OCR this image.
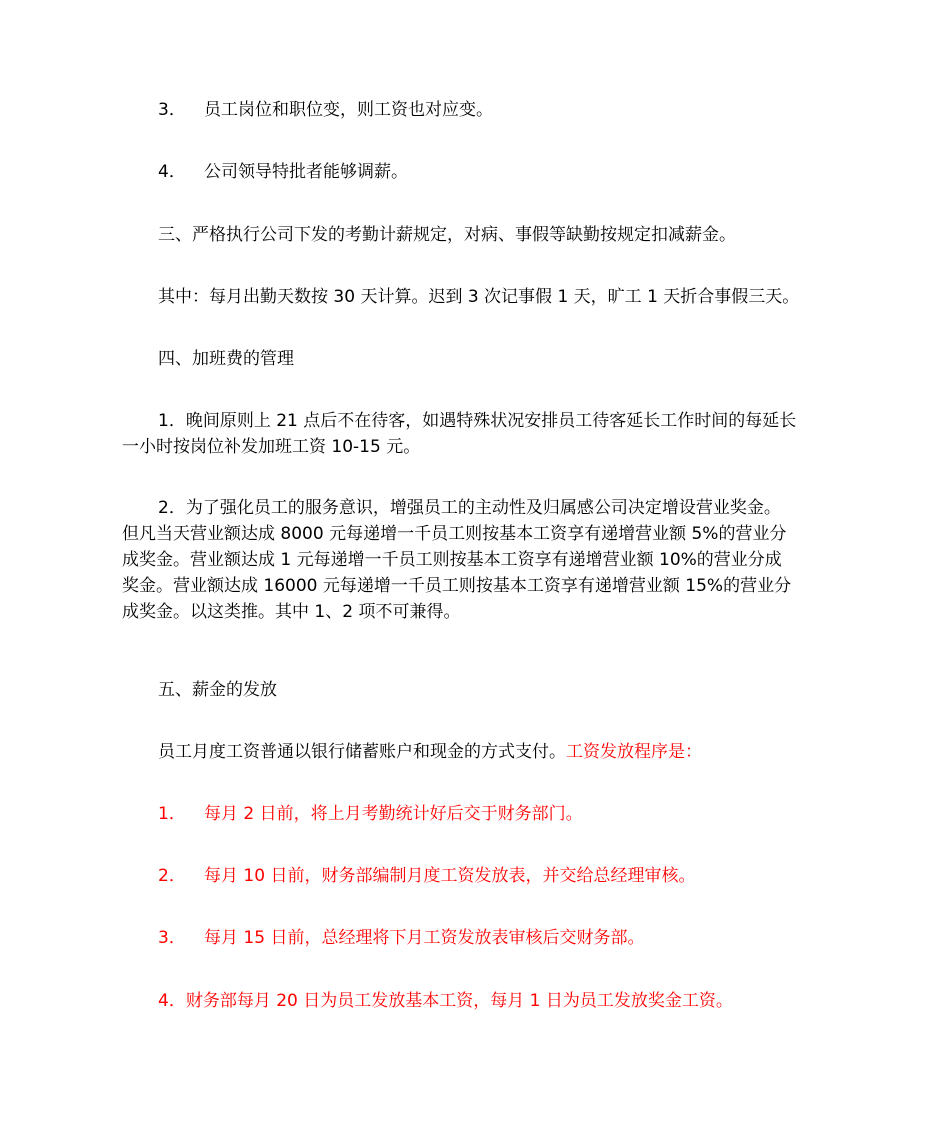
3． 员工岗位和职位变，则工资也对应变。
4． 公司领导特批者能够调薪。
三、严格执行公司下发的考勤计薪规定，对病、事假等缺勤按规定扣减薪金。
其中：每月出勤天数按 30 天计算。迟到 3 次记事假 1 天，旷工 1 天折合事假三天。
四、加班费的管理
1．晚间原则上 21 点后不在待客，如遇特殊状况安排员工待客延长工作时间的每延长
一小时按岗位补发加班工资 10-15 元。
2．为了强化员工的服务意识，增强员工的主动性及归属感公司决定增设营业奖金。
但凡当天营业额达成 8000 元每递增一千员工则按基本工资享有递增营业额 5%的营业分
成奖金。营业额达成 1 元每递增一千员工则按基本工资享有递增营业额 10%的营业分成
奖金。营业额达成 16000 元每递增一千员工则按基本工资享有递增营业额 15%的营业分
成奖金。以这类推。其中 1、2 项不可兼得。
五、薪金的发放
员工月度工资普通以银行储蓄账户和现金的方式支付。工资发放程序是：
1． 每月 2 日前，将上月考勤统计好后交于财务部门。
2． 每月 10 日前，财务部编制月度工资发放表，并交给总经理审核。
3． 每月 15 日前，总经理将下月工资发放表审核后交财务部。
4．财务部每月 20 日为员工发放基本工资，每月 1 日为员工发放奖金工资。
